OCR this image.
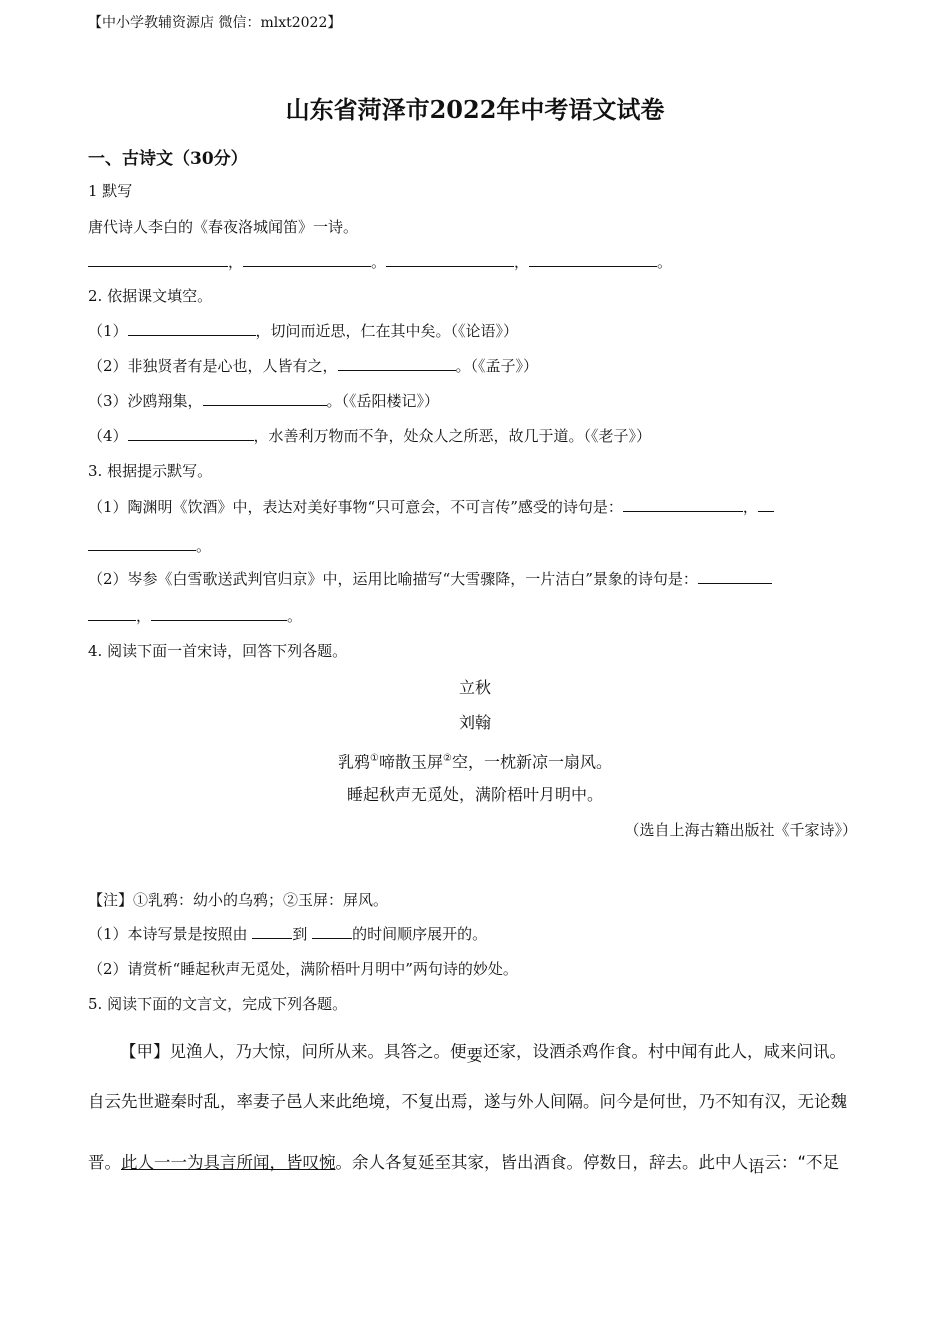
【中小学教辅资源店 微信：mlxt2022】
山东省菏泽市2022年中考语文试卷
一、古诗文（30分）
1 默写
唐代诗人李白的《春夜洛城闻笛》一诗。
，	。	，	。
2. 依据课文填空。
（1）	，切问而近思，仁在其中矣。（《论语》）
（2）非独贤者有是心也，人皆有之，	。（《孟子》）
（3）沙鸥翔集，	。（《岳阳楼记》）
（4）	，水善利万物而不争，处众人之所恶，故几于道。（《老子》）
3. 根据提示默写。
（1）陶渊明《饮酒》中，表达对美好事物“只可意会，不可言传”感受的诗句是：	，
。
（2）岑参《白雪歌送武判官归京》中，运用比喻描写“大雪骤降，一片洁白”景象的诗句是：
，	。
4. 阅读下面一首宋诗，回答下列各题。
立秋
刘翰
乳鸦①啼散玉屏②空，一枕新凉一扇风。
睡起秋声无觅处，满阶梧叶月明中。
（选自上海古籍出版社《千家诗》）
【注】①乳鸦：幼小的乌鸦；②玉屏：屏风。
（1）本诗写景是按照由	到	的时间顺序展开的。
（2）请赏析“睡起秋声无觅处，满阶梧叶月明中”两句诗的妙处。
5. 阅读下面的文言文，完成下列各题。
【甲】见渔人，乃大惊，问所从来。具答之。便要还家，设酒杀鸡作食。村中闻有此人，咸来问讯。
自云先世避秦时乱，率妻子邑人来此绝境，不复出焉，遂与外人间隔。问今是何世，乃不知有汉，无论魏
晋。此人一一为具言所闻，皆叹惋。余人各复延至其家，皆出酒食。停数日，辞去。此中人语云：“不足
